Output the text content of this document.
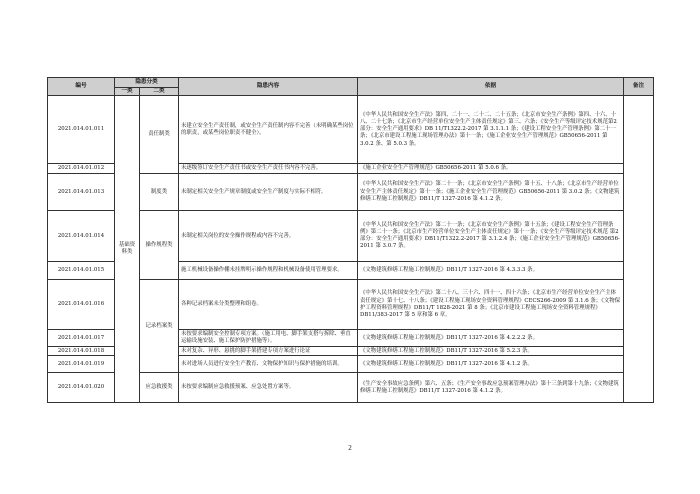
编号	隐患分类		隐患内容	依据	备注
	一类	二类			
2021.014.01.011	基础资料类	责任制类	未建立安全生产责任制，或安全生产责任制内容不完善（未明确某些岗位的职责，或某些岗位职责不健全）。	《中华人民共和国安全生产法》第四、二十一、二十二、二十五条；《北京市安全生产条例》第四、十六、十八、二十七条；《北京市生产经营单位安全生产主体责任规定》第三、六条；《安全生产等级评定技术规范第2部分：安全生产通用要求》DB 11/T1322.2-2017 第 3.1.1.1 条；《建设工程安全生产管理条例》第二十一条；《北京市建设工程施工现场管理办法》第十一条；《施工企业安全生产管理规范》GB50656-2011 第 3.0.2 条、第 5.0.3 条。	
2021.014.01.012			未逐级签订安全生产责任书或安全生产责任书内容不完善。	《施工企业安全生产管理规范》GB50656-2011 第 5.0.6 条。	
2021.014.01.013		制度类	未制定相关安全生产规章制度或安全生产制度与实际不相符。	《中华人民共和国安全生产法》第二十一条；《北京市安全生产条例》第十五、十八条；《北京市生产经营单位安全生产主体责任规定》第十一条；《施工企业安全生产管理规范》GB50656-2011 第 3.0.2 条；《文物建筑修缮工程施工控制规范》DB11/T 1327-2016 第 4.1.2 条。	
2021.014.01.014		操作规程类	未制定相关岗位的安全操作规程或内容不完善。	《中华人民共和国安全生产法》第二十一条；《北京市安全生产条例》第十五条；《建设工程安全生产管理条例》第二十一条；《北京市生产经营单位安全生产主体责任规定》第十一条；《安全生产等级评定技术规范 第2部分：安全生产通用要求》DB11/T1322.2-2017 第 3.1.2.4 条；《施工企业安全生产管理规范》GB50656-2011 第 3.0.7 条。	
2021.014.01.015			施工机械设备操作棚未挂牌明示操作规程和机械设备使用管理要求。	《文物建筑修缮工程施工控制规范》DB11/T 1327-2016 第 4.3.3.3 条。	
2021.014.01.016		记录档案类	各种记录档案未分类整理和组卷。	《中华人民共和国安全生产法》第二十八、三十六、四十一、四十六条；《北京市生产经营单位安全生产主体责任规定》第十七、十八条；《建设工程施工现场安全资料管理规程》CECS266-2009 第 3.1.6 条；《文物保护工程资料管理规程》DB11/T 1828-2021 第 8 条；《北京市建设工程施工现场安全资料管理规程》DB11/383-2017 第 5 章和第 6 章。	
2021.014.01.017			未按要求编制安全控制专项方案。（施工用电、脚手架支搭与拆除、垂直运输设施安装、施工保护防护措施等）。	《文物建筑修缮工程施工控制规范》DB11/T 1327-2016 第 4.2.2.2 条。	
2021.014.01.018			未对复杂、异形、悬挑的脚手架搭建专项方案进行论证	《文物建筑修缮工程施工控制规范》DB11/T 1327-2016 第 5.2.3 条。	
2021.014.01.019			未对进场人员进行安全生产教育、文物保护知识与保护措施的培训。	《文物建筑修缮工程施工控制规范》DB11/T 1327-2016 第 4.1.2 条。	
2021.014.01.020		应急救援类	未按要求编制应急救援预案、应急处置方案等。	《生产安全事故应急条例》第六、五条；《生产安全事故应急预案管理办法》第十三条到第十九条；《文物建筑修缮工程施工控制规范》DB11/T 1327-2016 第 4.1.2 条。	
2
